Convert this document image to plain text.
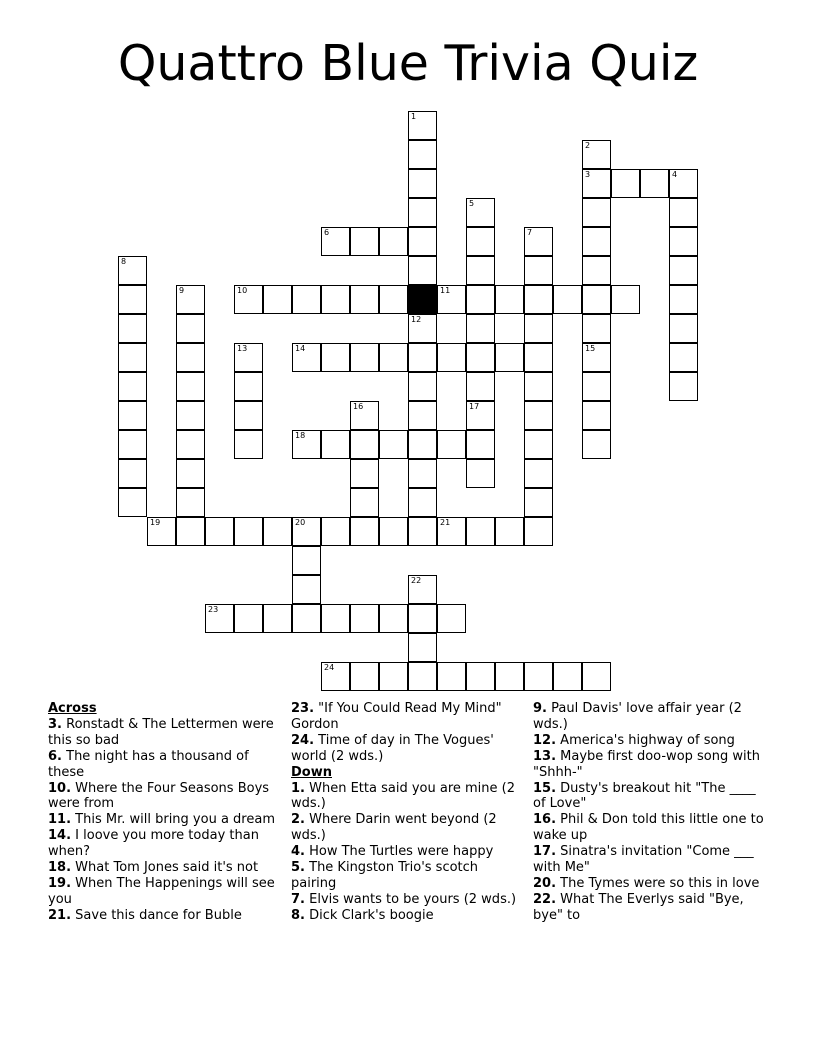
Quattro Blue Trivia Quiz
3	4
6
10	11
14
18
19	20	21
23
24
1
12
2
15
5
17
7
8
9
13
16
22

Across

3. Ronstadt & The Lettermen were this so bad

6. The night has a thousand of these

10. Where the Four Seasons Boys were from

11. This Mr. will bring you a dream

14. I loove you more today than when?

18. What Tom Jones said it's not

19. When The Happenings will see you

21. Save this dance for Buble

23. "If You Could Read My Mind" Gordon

24. Time of day in The Vogues' world (2 wds.)

Down

1. When Etta said you are mine (2 wds.)

2. Where Darin went beyond (2 wds.)

4. How The Turtles were happy

5. The Kingston Trio's scotch pairing

7. Elvis wants to be yours (2 wds.)

8. Dick Clark's boogie

9. Paul Davis' love affair year (2 wds.)

12. America's highway of song

13. Maybe first doo-wop song with "Shhh-"

15. Dusty's breakout hit "The ____ of Love"

16. Phil & Don told this little one to wake up

17. Sinatra's invitation "Come ___ with Me"

20. The Tymes were so this in love

22. What The Everlys said "Bye, bye" to
